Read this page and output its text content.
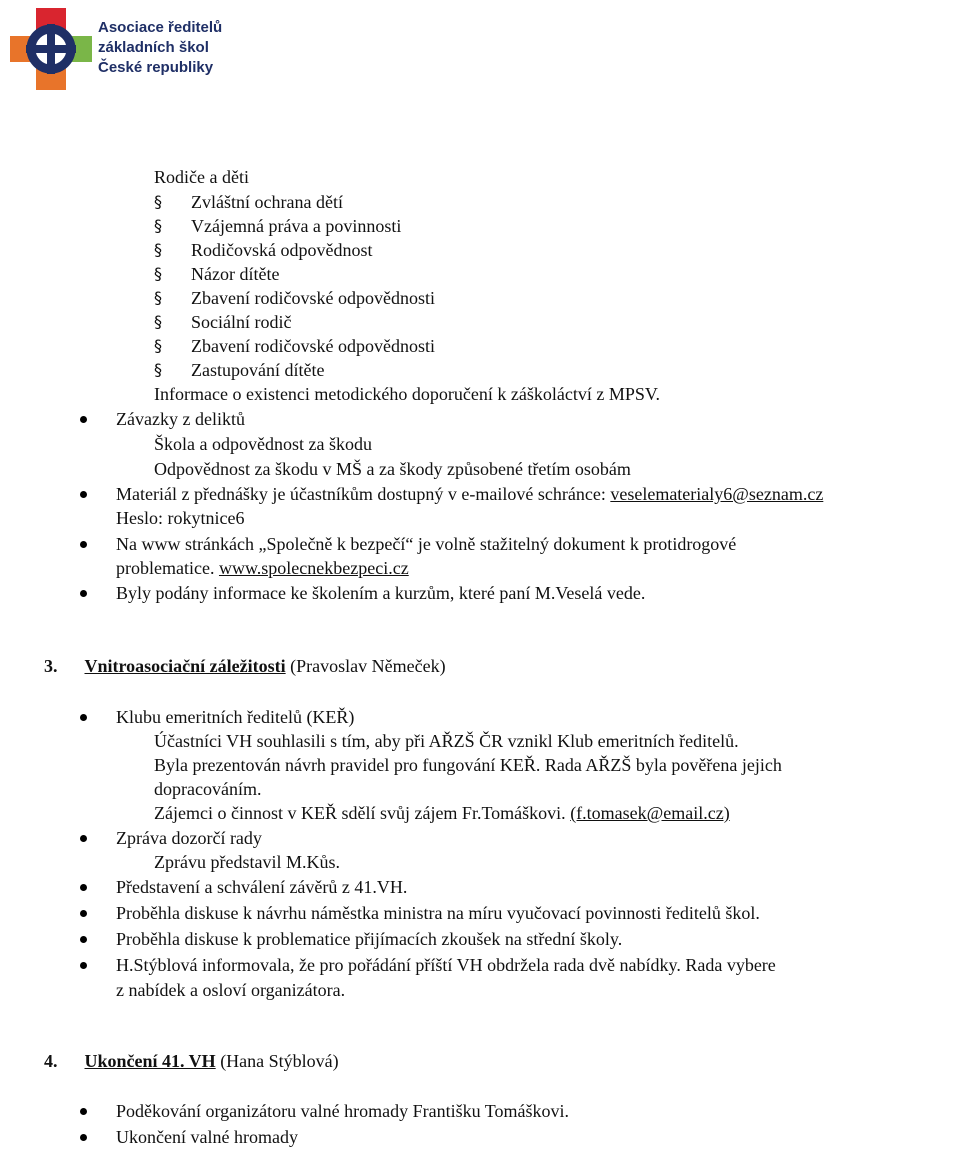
Asociace ředitelů
základních škol
České republiky
Rodiče a děti
§ Zvláštní ochrana dětí
§ Vzájemná práva a povinnosti
§ Rodičovská odpovědnost
§ Názor dítěte
§ Zbavení rodičovské odpovědnosti
§ Sociální rodič
§ Zbavení rodičovské odpovědnosti
§ Zastupování dítěte
Informace o existenci metodického doporučení k záškoláctví z MPSV.
Závazky z deliktů
Škola a odpovědnost za škodu
Odpovědnost za škodu v MŠ a za škody způsobené třetím osobám
Materiál z přednášky je účastníkům dostupný v e-mailové schránce: veselematerialy6@seznam.cz
Heslo: rokytnice6
Na www stránkách „Společně k bezpečí“ je volně stažitelný dokument k protidrogové
problematice. www.spolecnekbezpeci.cz
Byly podány informace ke školením a kurzům, které paní M.Veselá vede.
3. Vnitroasociační záležitosti (Pravoslav Němeček)
Klubu emeritních ředitelů (KEŘ)
Účastníci VH souhlasili s tím, aby při AŘZŠ ČR vznikl Klub emeritních ředitelů.
Byla prezentován návrh pravidel pro fungování KEŘ. Rada AŘZŠ byla pověřena jejich
dopracováním.
Zájemci o činnost v KEŘ sdělí svůj zájem Fr.Tomáškovi. (f.tomasek@email.cz)
Zpráva dozorčí rady
Zprávu představil M.Kůs.
Představení a schválení závěrů z 41.VH.
Proběhla diskuse k návrhu náměstka ministra na míru vyučovací povinnosti ředitelů škol.
Proběhla diskuse k problematice přijímacích zkoušek na střední školy.
H.Stýblová informovala, že pro pořádání příští VH obdržela rada dvě nabídky. Rada vybere
z nabídek a osloví organizátora.
4. Ukončení 41. VH (Hana Stýblová)
Poděkování organizátoru valné hromady Františku Tomáškovi.
Ukončení valné hromady
